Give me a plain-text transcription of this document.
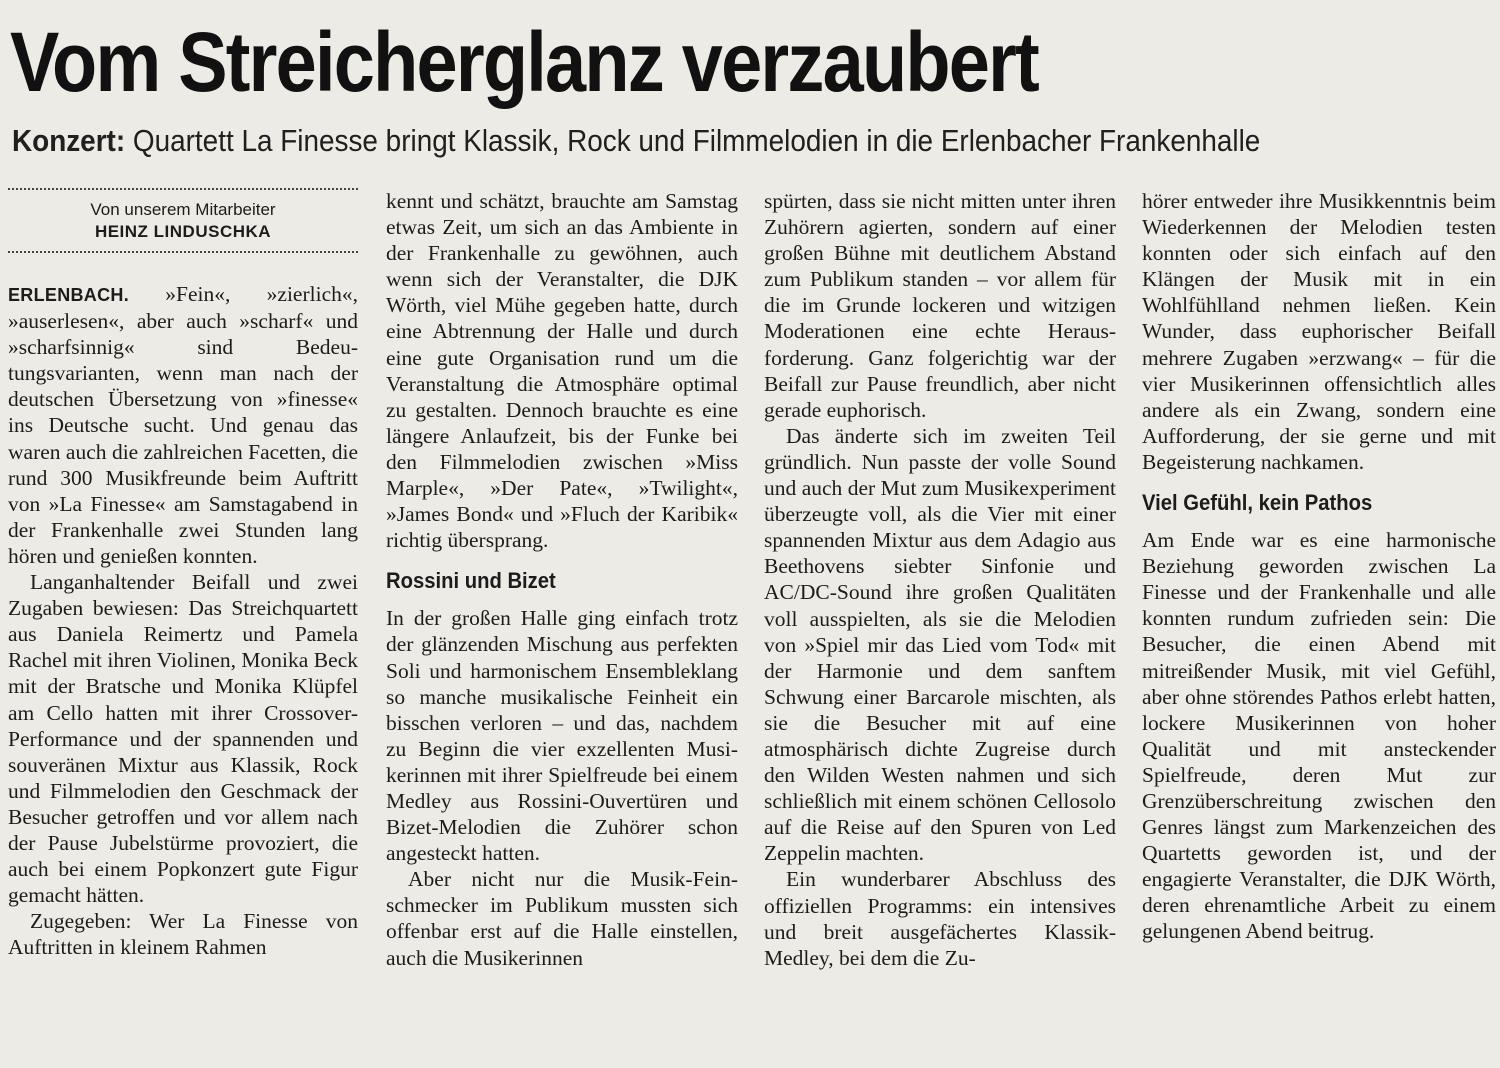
Vom Streicherglanz verzaubert
Konzert: Quartett La Finesse bringt Klassik, Rock und Filmmelodien in die Erlenbacher Frankenhalle
Von unserem Mitarbeiter
HEINZ LINDUSCHKA

ERLENBACH. »Fein«, »zierlich«, »auserlesen«, aber auch »scharf« und »scharfsinnig« sind Bedeutungsvarianten, wenn man nach der deutschen Übersetzung von »finesse« ins Deutsche sucht. Und genau das waren auch die zahlreichen Facetten, die rund 300 Musikfreunde beim Auftritt von »La Finesse« am Samstagabend in der Frankenhalle zwei Stunden lang hören und genießen konnten.

Langanhaltender Beifall und zwei Zugaben bewiesen: Das Streichquartett aus Daniela Reimertz und Pamela Rachel mit ihren Violinen, Monika Beck mit der Bratsche und Monika Klüpfel am Cello hatten mit ihrer Crossover-Performance und der spannenden und souveränen Mixtur aus Klassik, Rock und Filmmelodien den Geschmack der Besucher getroffen und vor allem nach der Pause Jubelstürme provoziert, die auch bei einem Popkonzert gute Figur gemacht hätten.

Zugegeben: Wer La Finesse von Auftritten in kleinem Rahmen

kennt und schätzt, brauchte am Samstag etwas Zeit, um sich an das Ambiente in der Frankenhalle zu gewöhnen, auch wenn sich der Veranstalter, die DJK Wörth, viel Mühe gegeben hatte, durch eine Abtrennung der Halle und durch eine gute Organisation rund um die Veranstaltung die Atmosphäre optimal zu gestalten. Dennoch brauchte es eine längere Anlaufzeit, bis der Funke bei den Filmmelodien zwischen »Miss Marple«, »Der Pate«, »Twilight«, »James Bond« und »Fluch der Karibik« richtig übersprang.

Rossini und Bizet

In der großen Halle ging einfach trotz der glänzenden Mischung aus perfekten Soli und harmonischem Ensembleklang so manche musikalische Feinheit ein bisschen verloren – und das, nachdem zu Beginn die vier exzellenten Musikerinnen mit ihrer Spielfreude bei einem Medley aus Rossini-Ouvertüren und Bizet-Melodien die Zuhörer schon angesteckt hatten.

Aber nicht nur die Musik-Feinschmecker im Publikum mussten sich offenbar erst auf die Halle einstellen, auch die Musikerinnen

spürten, dass sie nicht mitten unter ihren Zuhörern agierten, sondern auf einer großen Bühne mit deutlichem Abstand zum Publikum standen – vor allem für die im Grunde lockeren und witzigen Moderationen eine echte Herausforderung. Ganz folgerichtig war der Beifall zur Pause freundlich, aber nicht gerade euphorisch.

Das änderte sich im zweiten Teil gründlich. Nun passte der volle Sound und auch der Mut zum Musikexperiment überzeugte voll, als die Vier mit einer spannenden Mixtur aus dem Adagio aus Beethovens siebter Sinfonie und AC/DC-Sound ihre großen Qualitäten voll ausspielten, als sie die Melodien von »Spiel mir das Lied vom Tod« mit der Harmonie und dem sanftem Schwung einer Barcarole mischten, als sie die Besucher mit auf eine atmosphärisch dichte Zugreise durch den Wilden Westen nahmen und sich schließlich mit einem schönen Cellosolo auf die Reise auf den Spuren von Led Zeppelin machten.

Ein wunderbarer Abschluss des offiziellen Programms: ein intensives und breit ausgefächertes Klassik-Medley, bei dem die Zu-

hörer entweder ihre Musikkenntnis beim Wiederkennen der Melodien testen konnten oder sich einfach auf den Klängen der Musik mit in ein Wohlfühlland nehmen ließen. Kein Wunder, dass euphorischer Beifall mehrere Zugaben »erzwang« – für die vier Musikerinnen offensichtlich alles andere als ein Zwang, sondern eine Aufforderung, der sie gerne und mit Begeisterung nachkamen.

Viel Gefühl, kein Pathos

Am Ende war es eine harmonische Beziehung geworden zwischen La Finesse und der Frankenhalle und alle konnten rundum zufrieden sein: Die Besucher, die einen Abend mit mitreißender Musik, mit viel Gefühl, aber ohne störendes Pathos erlebt hatten, lockere Musikerinnen von hoher Qualität und mit ansteckender Spielfreude, deren Mut zur Grenzüberschreitung zwischen den Genres längst zum Markenzeichen des Quartetts geworden ist, und der engagierte Veranstalter, die DJK Wörth, deren ehrenamtliche Arbeit zu einem gelungenen Abend beitrug.
